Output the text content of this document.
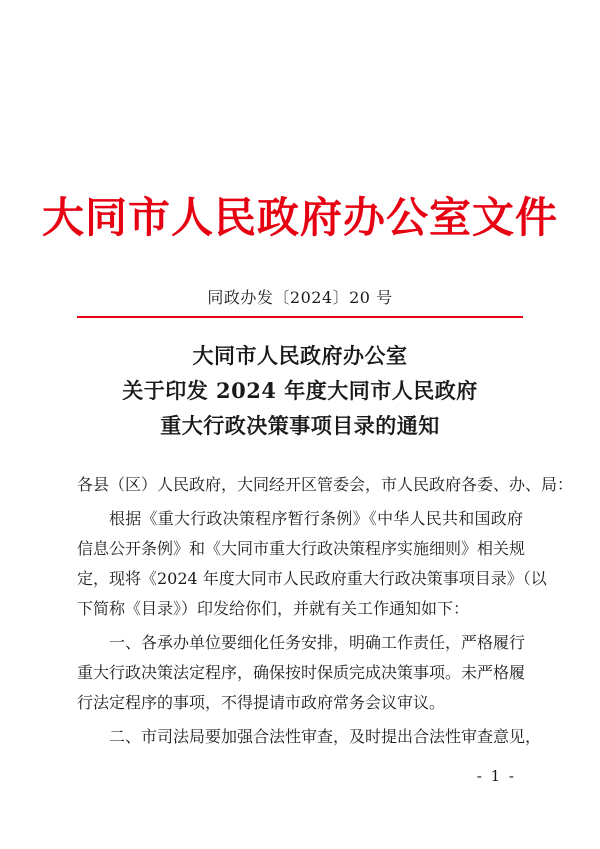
大同市人民政府办公室文件
同政办发〔2024〕20 号
大同市人民政府办公室
关于印发 2024 年度大同市人民政府
重大行政决策事项目录的通知
各县（区）人民政府，大同经开区管委会，市人民政府各委、办、局：
根据《重大行政决策程序暂行条例》《中华人民共和国政府
信息公开条例》和《大同市重大行政决策程序实施细则》相关规
定，现将《2024 年度大同市人民政府重大行政决策事项目录》（以
下简称《目录》）印发给你们，并就有关工作通知如下：
一、各承办单位要细化任务安排，明确工作责任，严格履行
重大行政决策法定程序，确保按时保质完成决策事项。未严格履
行法定程序的事项，不得提请市政府常务会议审议。
二、市司法局要加强合法性审查，及时提出合法性审查意见，
- 1 -
